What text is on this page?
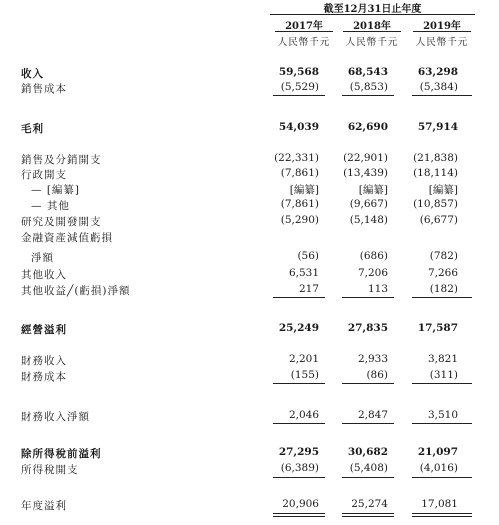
截至12月31日止年度
2017年	2018年	2019年
人民幣千元	人民幣千元	人民幣千元
收入	59,568	68,543	63,298
銷售成本	(5,529)	(5,853)	(5,384)
毛利	54,039	62,690	57,914
銷售及分銷開支	(22,331)	(22,901)	(21,838)
行政開支	(7,861)	(13,439)	(18,114)
— [編纂]	[編纂]	[編纂]	[編纂]
— 其他	(7,861)	(9,667)	(10,857)
研究及開發開支	(5,290)	(5,148)	(6,677)
金融資產減值虧損
淨額	(56)	(686)	(782)
其他收入	6,531	7,206	7,266
其他收益╱(虧損)淨額	217	113	(182)
經營溢利	25,249	27,835	17,587
財務收入	2,201	2,933	3,821
財務成本	(155)	(86)	(311)
財務收入淨額	2,046	2,847	3,510
除所得稅前溢利	27,295	30,682	21,097
所得稅開支	(6,389)	(5,408)	(4,016)
年度溢利	20,906	25,274	17,081
